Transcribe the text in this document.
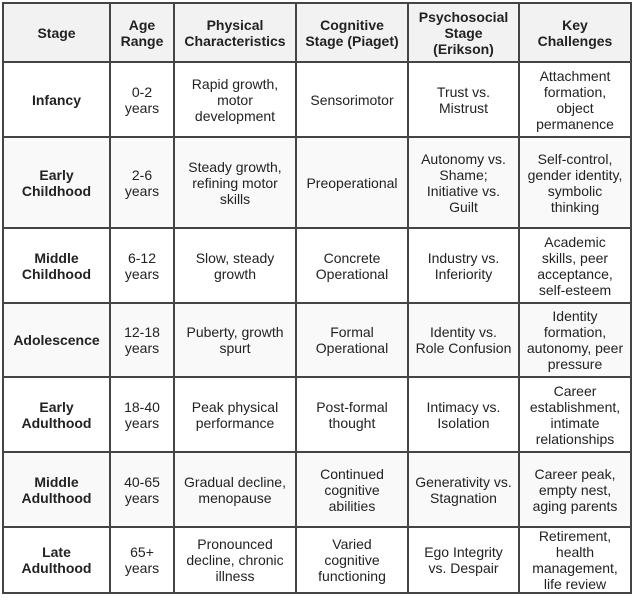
Stage	Age Range	Physical Characteristics	Cognitive Stage (Piaget)	Psychosocial Stage (Erikson)	Key Challenges
Infancy	0-2 years	Rapid growth, motor development	Sensorimotor	Trust vs. Mistrust	Attachment formation, object permanence
Early Childhood	2-6 years	Steady growth, refining motor skills	Preoperational	Autonomy vs. Shame; Initiative vs. Guilt	Self-control, gender identity, symbolic thinking
Middle Childhood	6-12 years	Slow, steady growth	Concrete Operational	Industry vs. Inferiority	Academic skills, peer acceptance, self-esteem
Adolescence	12-18 years	Puberty, growth spurt	Formal Operational	Identity vs. Role Confusion	Identity formation, autonomy, peer pressure
Early Adulthood	18-40 years	Peak physical performance	Post-formal thought	Intimacy vs. Isolation	Career establishment, intimate relationships
Middle Adulthood	40-65 years	Gradual decline, menopause	Continued cognitive abilities	Generativity vs. Stagnation	Career peak, empty nest, aging parents
Late Adulthood	65+ years	Pronounced decline, chronic illness	Varied cognitive functioning	Ego Integrity vs. Despair	Retirement, health management, life review
